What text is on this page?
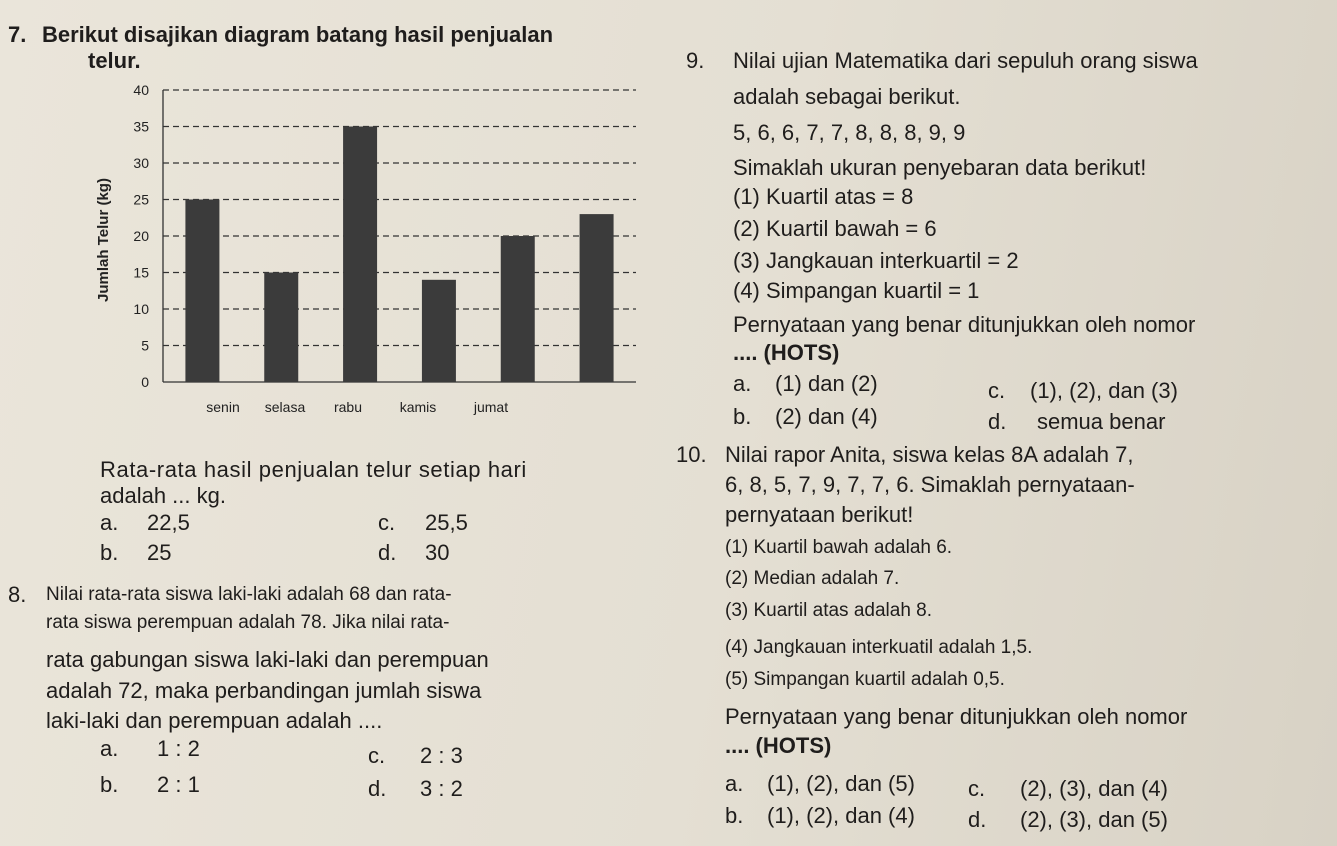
7. Berikut disajikan diagram batang hasil penjualan
telur.
Jumlah Telur (kg)
0
5
10
15
20
25
30
35
40
senin selasa rabu	kamis	jumat
Rata-rata hasil penjualan telur setiap hari
adalah ... kg.
a. 22,5	c. 25,5
b. 25	d. 30
8. Nilai rata-rata siswa laki-laki adalah 68 dan rata-
rata siswa perempuan adalah 78. Jika nilai rata-
rata gabungan siswa laki-laki dan perempuan
adalah 72, maka perbandingan jumlah siswa
laki-laki dan perempuan adalah ....
a. 1 : 2	c. 2 : 3
b. 2 : 1	d. 3 : 2
9. Nilai ujian Matematika dari sepuluh orang siswa
adalah sebagai berikut.
5, 6, 6, 7, 7, 8, 8, 8, 9, 9
Simaklah ukuran penyebaran data berikut!
(1) Kuartil atas = 8
(2) Kuartil bawah = 6
(3) Jangkauan interkuartil = 2
(4) Simpangan kuartil = 1
Pernyataan yang benar ditunjukkan oleh nomor
.... (HOTS)
a. (1) dan (2)	c. (1), (2), dan (3)
b. (2) dan (4)	d. semua benar
10. Nilai rapor Anita, siswa kelas 8A adalah 7,
6, 8, 5, 7, 9, 7, 7, 6. Simaklah pernyataan-
pernyataan berikut!
(1) Kuartil bawah adalah 6.
(2) Median adalah 7.
(3) Kuartil atas adalah 8.
(4) Jangkauan interkuatil adalah 1,5.
(5) Simpangan kuartil adalah 0,5.
Pernyataan yang benar ditunjukkan oleh nomor
.... (HOTS)
a. (1), (2), dan (5) c. (2), (3), dan (4)
b. (1), (2), dan (4) d. (2), (3), dan (5)
